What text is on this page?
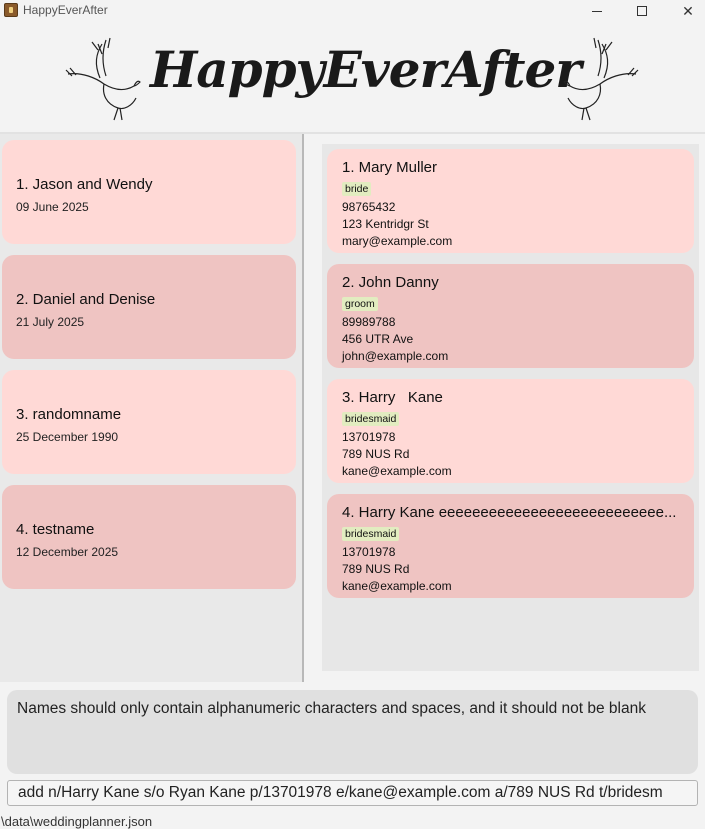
HappyEverAfter	✕
HappyEverAfter
1. Jason and Wendy
09 June 2025
2. Daniel and Denise
21 July 2025
3. randomname
25 December 1990
4. testname
12 December 2025
1. Mary Muller
bride
98765432
123 Kentridgr St
mary@example.com
2. John Danny
groom
89989788
456 UTR Ave
john@example.com
3. Harry   Kane
bridesmaid
13701978
789 NUS Rd
kane@example.com
4. Harry Kane eeeeeeeeeeeeeeeeeeeeeeeeeee...
bridesmaid
13701978
789 NUS Rd
kane@example.com
Names should only contain alphanumeric characters and spaces, and it should not be blank
add n/Harry Kane s/o Ryan Kane p/13701978 e/kane@example.com a/789 NUS Rd t/bridesm
\data\weddingplanner.json
